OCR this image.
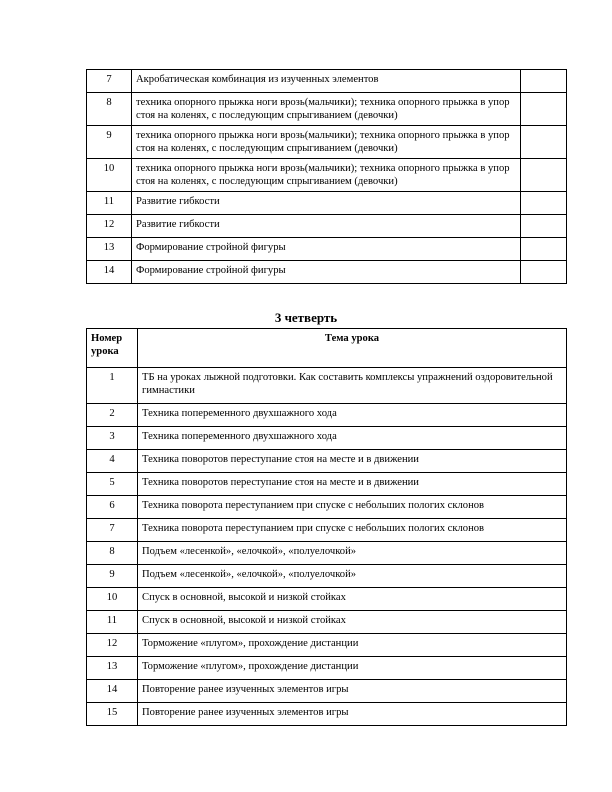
7	Акробатическая комбинация из изученных элементов	
8	техника опорного прыжка ноги врозь(мальчики); техника опорного прыжка в упор стоя на коленях, с последующим спрыгиванием (девочки)	
9	техника опорного прыжка ноги врозь(мальчики); техника опорного прыжка в упор стоя на коленях, с последующим спрыгиванием (девочки)	
10	техника опорного прыжка ноги врозь(мальчики); техника опорного прыжка в упор стоя на коленях, с последующим спрыгиванием (девочки)	
11	Развитие гибкости	
12	Развитие гибкости	
13	Формирование стройной фигуры	
14	Формирование стройной фигуры	
3 четверть
Номер урока	Тема урока
1	ТБ на уроках лыжной подготовки. Как составить комплексы упражнений оздоровительной гимнастики
2	Техника попеременного двухшажного хода
3	Техника попеременного двухшажного хода
4	Техника поворотов переступание стоя на месте и в движении
5	Техника поворотов переступание стоя на месте и в движении
6	Техника поворота переступанием при спуске с небольших пологих склонов
7	Техника поворота переступанием при спуске с небольших пологих склонов
8	Подъем «лесенкой», «елочкой», «полуелочкой»
9	Подъем «лесенкой», «елочкой», «полуелочкой»
10	Спуск в основной, высокой и низкой стойках
11	Спуск в основной, высокой и низкой стойках
12	Торможение «плугом», прохождение дистанции
13	Торможение «плугом», прохождение дистанции
14	Повторение ранее изученных элементов игры
15	Повторение ранее изученных элементов игры
